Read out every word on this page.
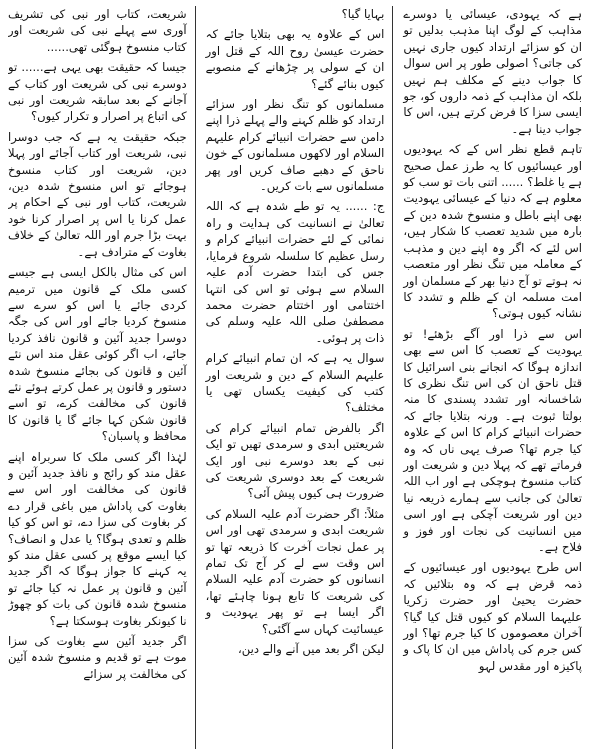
ہے کہ یہودی، عیسائی یا دوسرے مذاہب کے لوگ اپنا مذہب بدلیں تو ان کو سزائے ارتداد کیوں جاری نہیں کی جاتی؟ اصولی طور پر اس سوال کا جواب دینے کے مکلف ہم نہیں بلکہ ان مذاہب کے ذمہ داروں کو، جو ایسی سزا کا فرض کرتے ہیں، اس کا جواب دینا ہے۔

تاہم قطع نظر اس کے کہ یہودیوں اور عیسائیوں کا یہ طرز عمل صحیح ہے یا غلط؟ ...... اتنی بات تو سب کو معلوم ہے کہ دنیا کے عیسائی یہودیت بھی اپنے باطل و منسوخ شدہ دین کے بارہ میں شدید تعصب کا شکار ہیں، اس لئے کہ اگر وہ اپنے دین و مذہب کے معاملہ میں تنگ نظر اور متعصب نہ ہوتے تو آج دنیا بھر کے مسلمان اور امت مسلمہ ان کے ظلم و تشدد کا نشانہ کیوں ہوتی؟

اس سے ذرا اور آگے بڑھئے! تو یہودیت کے تعصب کا اس سے بھی اندازہ ہوگا کہ انجانے بنی اسرائیل کا قتل ناحق ان کی اس تنگ نظری کا شاخسانہ اور تشدد پسندی کا منہ بولتا ثبوت ہے۔ ورنہ بتلایا جائے کہ حضرات انبیائے کرام کا اس کے علاوہ کیا جرم تھا؟ صرف یہی ناں کہ وہ فرماتے تھے کہ پہلا دین و شریعت اور کتاب منسوخ ہوچکی ہے اور اب اللہ تعالیٰ کی جانب سے ہمارے ذریعہ نیا دین اور شریعت آچکی ہے اور اسی میں انسانیت کی نجات اور فوز و فلاح ہے۔

اس طرح یہودیوں اور عیسائیوں کے ذمہ قرض ہے کہ وہ بتلائیں کہ حضرت یحییٰ اور حضرت زکریا علیہما السلام کو کیوں قتل کیا گیا؟ آخران معصوموں کا کیا جرم تھا؟ اور کس جرم کی پاداش میں ان کا پاک و پاکیزہ اور مقدس لہو

بہایا گیا؟

اس کے علاوہ یہ بھی بتلایا جائے کہ حضرت عیسیٰ روح اللہ کے قتل اور ان کے سولی پر چڑھانے کے منصوبے کیوں بنائے گئے؟

مسلمانوں کو تنگ نظر اور سزائے ارتداد کو ظلم کہنے والے پہلے ذرا اپنے دامن سے حضرات انبیائے کرام علیہم السلام اور لاکھوں مسلمانوں کے خون ناحق کے دھبے صاف کریں اور پھر مسلمانوں سے بات کریں۔

ج: ...... یہ تو طے شدہ ہے کہ اللہ تعالیٰ نے انسانیت کی ہدایت و راہ نمائی کے لئے حضرات انبیائے کرام و رسل عظیم کا سلسلہ شروع فرمایا، جس کی ابتدا حضرت آدم علیہ السلام سے ہوئی تو اس کی انتہا اختتامی اور اختتام حضرت محمد مصطفیٰ صلی اللہ علیہ وسلم کی ذات پر ہوئی۔

سوال یہ ہے کہ ان تمام انبیائے کرام علیہم السلام کے دین و شریعت اور کتب کی کیفیت یکساں تھی یا مختلف؟

اگر بالفرض تمام انبیائے کرام کی شریعتیں ابدی و سرمدی تھیں تو ایک نبی کے بعد دوسرے نبی اور ایک شریعت کے بعد دوسری شریعت کی ضرورت ہی کیوں پیش آئی؟

مثلاً: اگر حضرت آدم علیہ السلام کی شریعت ابدی و سرمدی تھی اور اس پر عمل نجات آخرت کا ذریعہ تھا تو اس وقت سے لے کر آج تک تمام انسانوں کو حضرت آدم علیہ السلام کی شریعت کا تابع ہونا چاہئے تھا، اگر ایسا ہے تو پھر یہودیت و عیسائیت کہاں سے آگئی؟

لیکن اگر بعد میں آنے والے دین،

شریعت، کتاب اور نبی کی تشریف آوری سے پہلے نبی کی شریعت اور کتاب منسوخ ہوگئی تھی......

جیسا کہ حقیقت بھی یہی ہے...... تو دوسرے نبی کی شریعت اور کتاب کے آجانے کے بعد سابقہ شریعت اور نبی کی اتباع پر اصرار و تکرار کیوں؟

جبکہ حقیقت یہ ہے کہ جب دوسرا نبی، شریعت اور کتاب آجائے اور پہلا دین، شریعت اور کتاب منسوخ ہوجائے تو اس منسوخ شدہ دین، شریعت، کتاب اور نبی کے احکام پر عمل کرنا یا اس پر اصرار کرنا خود بہت بڑا جرم اور اللہ تعالیٰ کے خلاف بغاوت کے مترادف ہے۔

اس کی مثال بالکل ایسی ہے جیسے کسی ملک کے قانون میں ترمیم کردی جائے یا اس کو سرے سے منسوخ کردیا جائے اور اس کی جگہ دوسرا جدید آئین و قانون نافذ کردیا جائے، اب اگر کوئی عقل مند اس نئے آئین و قانون کی بجائے منسوخ شدہ دستور و قانون پر عمل کرتے ہوئے نئے قانون کی مخالفت کرے، تو اسے قانون شکن کہا جائے گا یا قانون کا محافظ و پاسبان؟

لہٰذا اگر کسی ملک کا سربراہ اپنے عقل مند کو رائج و نافذ جدید آئین و قانون کی مخالفت اور اس سے بغاوت کی پاداش میں باغی قرار دے کر بغاوت کی سزا دے، تو اس کو کیا ظلم و تعدی ہوگا؟ یا عدل و انصاف؟ کیا ایسے موقع پر کسی عقل مند کو یہ کہنے کا جواز ہوگا کہ اگر جدید آئین و قانون پر عمل نہ کیا جائے تو منسوخ شدہ قانون کی بات کو چھوڑ نا کیونکر بغاوت ہوسکتا ہے؟

اگر جدید آئین سے بغاوت کی سزا موت ہے تو قدیم و منسوخ شدہ آئین کی مخالفت پر سزائے
